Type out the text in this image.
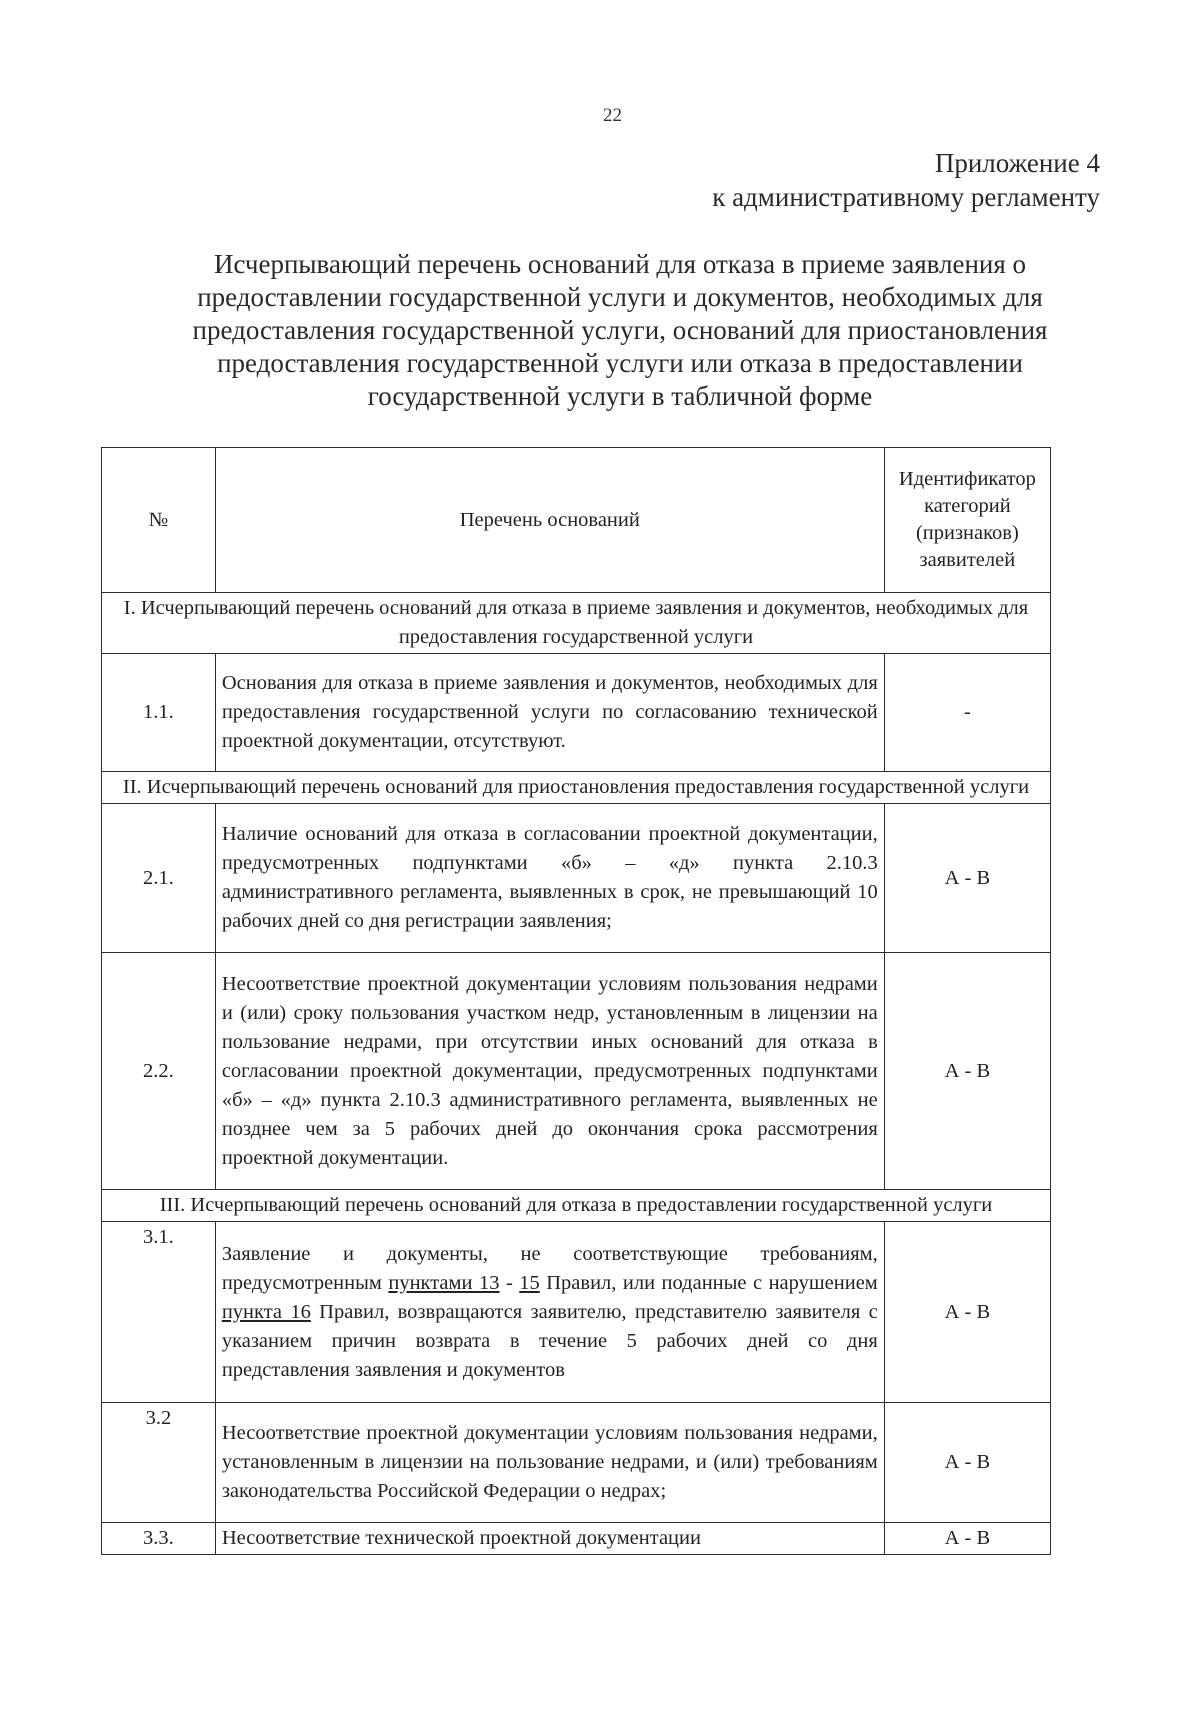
22
Приложение 4
к административному регламенту
Исчерпывающий перечень оснований для отказа в приеме заявления о предоставлении государственной услуги и документов, необходимых для предоставления государственной услуги, оснований для приостановления предоставления государственной услуги или отказа в предоставлении государственной услуги в табличной форме
№	Перечень оснований	Идентификатор категорий (признаков) заявителей
I. Исчерпывающий перечень оснований для отказа в приеме заявления и документов, необходимых для предоставления государственной услуги		
1.1.	Основания для отказа в приеме заявления и документов, необходимых для предоставления государственной услуги по согласованию технической проектной документации, отсутствуют.	-
II. Исчерпывающий перечень оснований для приостановления предоставления государственной услуги		
2.1.	Наличие оснований для отказа в согласовании проектной документации, предусмотренных подпунктами «б» – «д» пункта 2.10.3 административного регламента, выявленных в срок, не превышающий 10 рабочих дней со дня регистрации заявления;	А - В
2.2.	Несоответствие проектной документации условиям пользования недрами и (или) сроку пользования участком недр, установленным в лицензии на пользование недрами, при отсутствии иных оснований для отказа в согласовании проектной документации, предусмотренных подпунктами «б» – «д» пункта 2.10.3 административного регламента, выявленных не позднее чем за 5 рабочих дней до окончания срока рассмотрения проектной документации.	А - В
III. Исчерпывающий перечень оснований для отказа в предоставлении государственной услуги		
3.1.	Заявление и документы, не соответствующие требованиям, предусмотренным пунктами 13 - 15 Правил, или поданные с нарушением пункта 16 Правил, возвращаются заявителю, представителю заявителя с указанием причин возврата в течение 5 рабочих дней со дня представления заявления и документов	А - В
3.2	Несоответствие проектной документации условиям пользования недрами, установленным в лицензии на пользование недрами, и (или) требованиям законодательства Российской Федерации о недрах;	А - В
3.3.	Несоответствие технической проектной документации	А - В
